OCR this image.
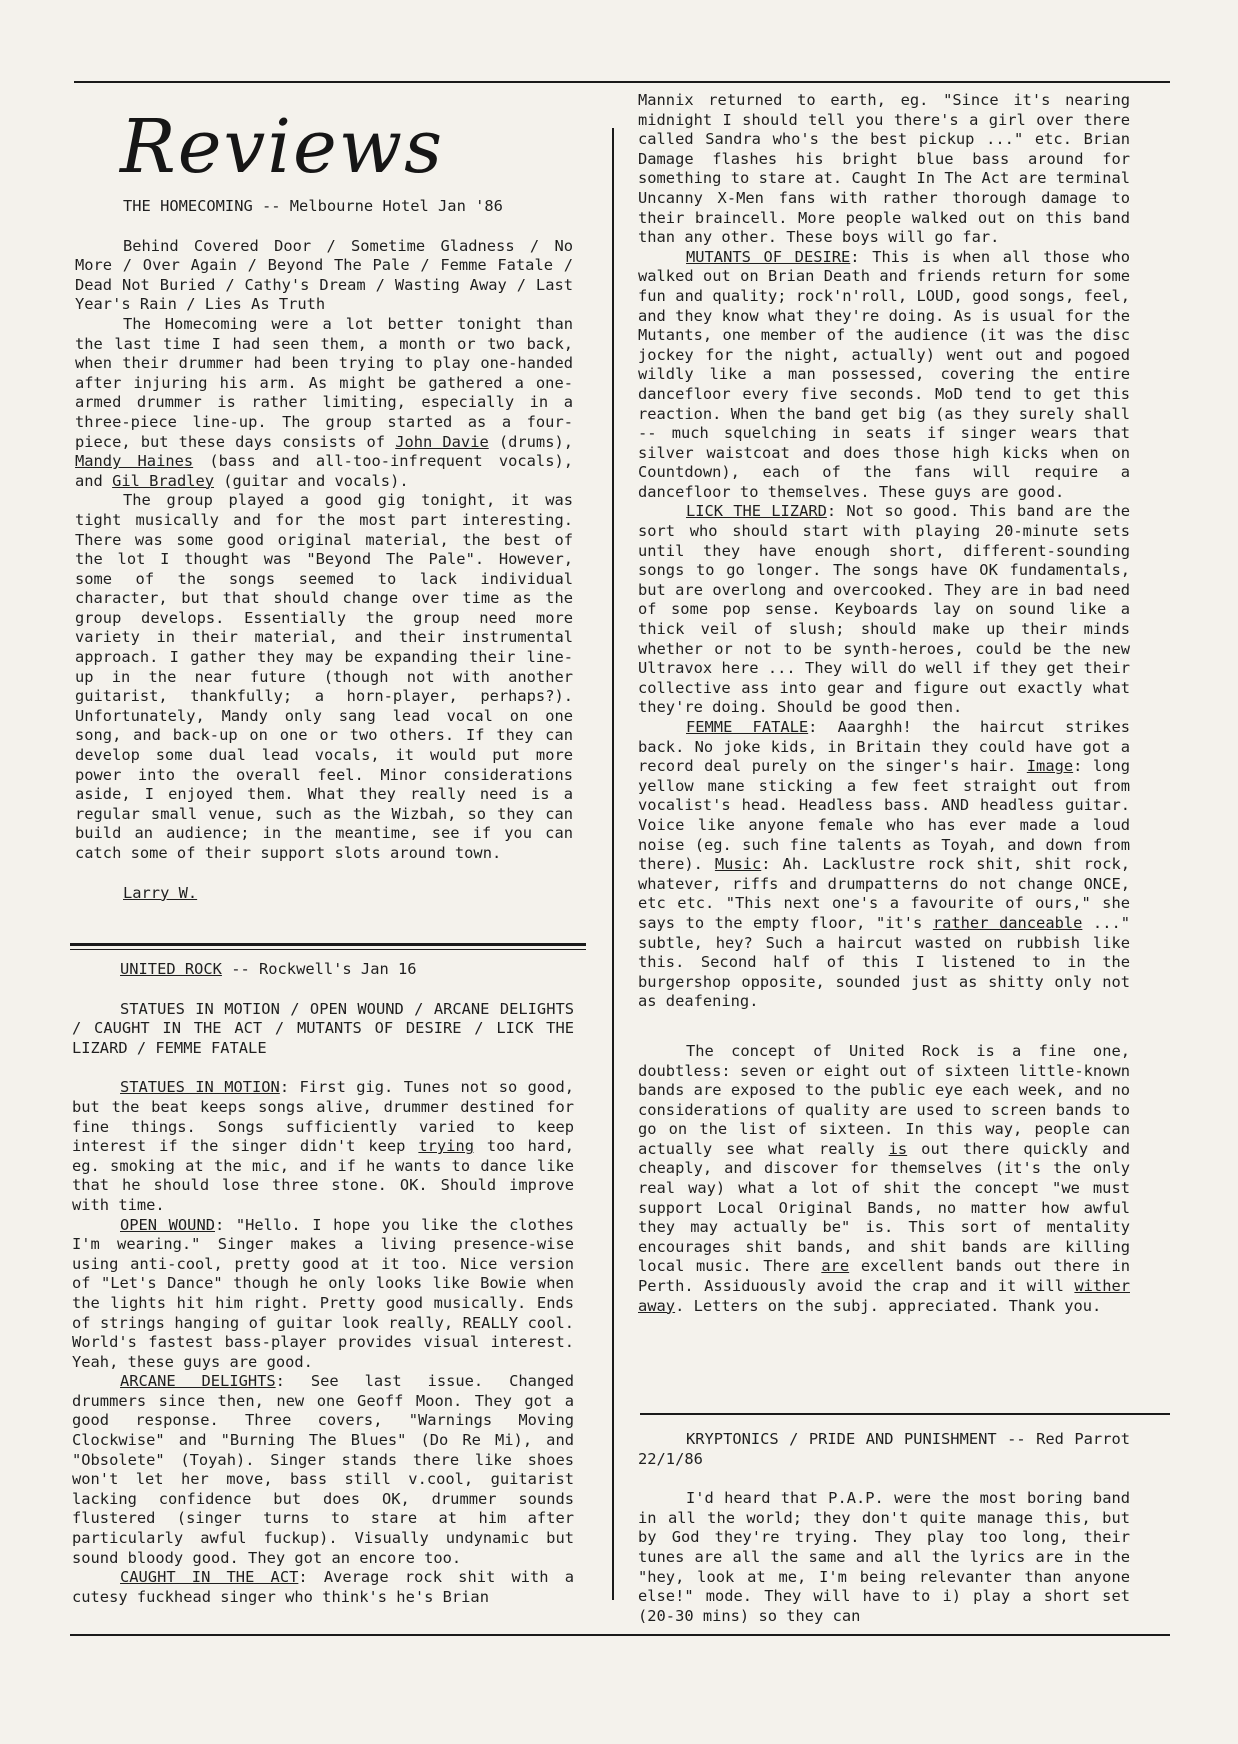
Reviews

THE HOMECOMING -- Melbourne Hotel Jan '86

Behind Covered Door / Sometime Gladness / No More / Over Again / Beyond The Pale / Femme Fatale / Dead Not Buried / Cathy's Dream / Wasting Away / Last Year's Rain / Lies As Truth

The Homecoming were a lot better tonight than the last time I had seen them, a month or two back, when their drummer had been trying to play one-handed after injuring his arm. As might be gathered a one-armed drummer is rather limiting, especially in a three-piece line-up. The group started as a four-piece, but these days consists of John Davie (drums), Mandy Haines (bass and all-too-infrequent vocals), and Gil Bradley (guitar and vocals).

The group played a good gig tonight, it was tight musically and for the most part interesting. There was some good original material, the best of the lot I thought was "Beyond The Pale". However, some of the songs seemed to lack individual character, but that should change over time as the group develops. Essentially the group need more variety in their material, and their instrumental approach. I gather they may be expanding their line-up in the near future (though not with another guitarist, thankfully; a horn-player, perhaps?). Unfortunately, Mandy only sang lead vocal on one song, and back-up on one or two others. If they can develop some dual lead vocals, it would put more power into the overall feel. Minor considerations aside, I enjoyed them. What they really need is a regular small venue, such as the Wizbah, so they can build an audience; in the meantime, see if you can catch some of their support slots around town.

Larry W.

UNITED ROCK -- Rockwell's Jan 16

STATUES IN MOTION / OPEN WOUND / ARCANE DELIGHTS / CAUGHT IN THE ACT / MUTANTS OF DESIRE / LICK THE LIZARD / FEMME FATALE

STATUES IN MOTION: First gig. Tunes not so good, but the beat keeps songs alive, drummer destined for fine things. Songs sufficiently varied to keep interest if the singer didn't keep trying too hard, eg. smoking at the mic, and if he wants to dance like that he should lose three stone. OK. Should improve with time.

OPEN WOUND: "Hello. I hope you like the clothes I'm wearing." Singer makes a living presence-wise using anti-cool, pretty good at it too. Nice version of "Let's Dance" though he only looks like Bowie when the lights hit him right. Pretty good musically. Ends of strings hanging of guitar look really, REALLY cool. World's fastest bass-player provides visual interest. Yeah, these guys are good.

ARCANE DELIGHTS: See last issue. Changed drummers since then, new one Geoff Moon. They got a good response. Three covers, "Warnings Moving Clockwise" and "Burning The Blues" (Do Re Mi), and "Obsolete" (Toyah). Singer stands there like shoes won't let her move, bass still v.cool, guitarist lacking confidence but does OK, drummer sounds flustered (singer turns to stare at him after particularly awful fuckup). Visually undynamic but sound bloody good. They got an encore too.

CAUGHT IN THE ACT: Average rock shit with a cutesy fuckhead singer who think's he's Brian

Mannix returned to earth, eg. "Since it's nearing midnight I should tell you there's a girl over there called Sandra who's the best pickup ..." etc. Brian Damage flashes his bright blue bass around for something to stare at. Caught In The Act are terminal Uncanny X-Men fans with rather thorough damage to their braincell. More people walked out on this band than any other. These boys will go far.

MUTANTS OF DESIRE: This is when all those who walked out on Brian Death and friends return for some fun and quality; rock'n'roll, LOUD, good songs, feel, and they know what they're doing. As is usual for the Mutants, one member of the audience (it was the disc jockey for the night, actually) went out and pogoed wildly like a man possessed, covering the entire dancefloor every five seconds. MoD tend to get this reaction. When the band get big (as they surely shall -- much squelching in seats if singer wears that silver waistcoat and does those high kicks when on Countdown), each of the fans will require a dancefloor to themselves. These guys are good.

LICK THE LIZARD: Not so good. This band are the sort who should start with playing 20-minute sets until they have enough short, different-sounding songs to go longer. The songs have OK fundamentals, but are overlong and overcooked. They are in bad need of some pop sense. Keyboards lay on sound like a thick veil of slush; should make up their minds whether or not to be synth-heroes, could be the new Ultravox here ... They will do well if they get their collective ass into gear and figure out exactly what they're doing. Should be good then.

FEMME FATALE: Aaarghh! the haircut strikes back. No joke kids, in Britain they could have got a record deal purely on the singer's hair. Image: long yellow mane sticking a few feet straight out from vocalist's head. Headless bass. AND headless guitar. Voice like anyone female who has ever made a loud noise (eg. such fine talents as Toyah, and down from there). Music: Ah. Lacklustre rock shit, shit rock, whatever, riffs and drumpatterns do not change ONCE, etc etc. "This next one's a favourite of ours," she says to the empty floor, "it's rather danceable ..." subtle, hey? Such a haircut wasted on rubbish like this. Second half of this I listened to in the burgershop opposite, sounded just as shitty only not as deafening.

The concept of United Rock is a fine one, doubtless: seven or eight out of sixteen little-known bands are exposed to the public eye each week, and no considerations of quality are used to screen bands to go on the list of sixteen. In this way, people can actually see what really is out there quickly and cheaply, and discover for themselves (it's the only real way) what a lot of shit the concept "we must support Local Original Bands, no matter how awful they may actually be" is. This sort of mentality encourages shit bands, and shit bands are killing local music. There are excellent bands out there in Perth. Assiduously avoid the crap and it will wither away. Letters on the subj. appreciated. Thank you.

KRYPTONICS / PRIDE AND PUNISHMENT -- Red Parrot 22/1/86

I'd heard that P.A.P. were the most boring band in all the world; they don't quite manage this, but by God they're trying. They play too long, their tunes are all the same and all the lyrics are in the "hey, look at me, I'm being relevanter than anyone else!" mode. They will have to i) play a short set (20-30 mins) so they can
